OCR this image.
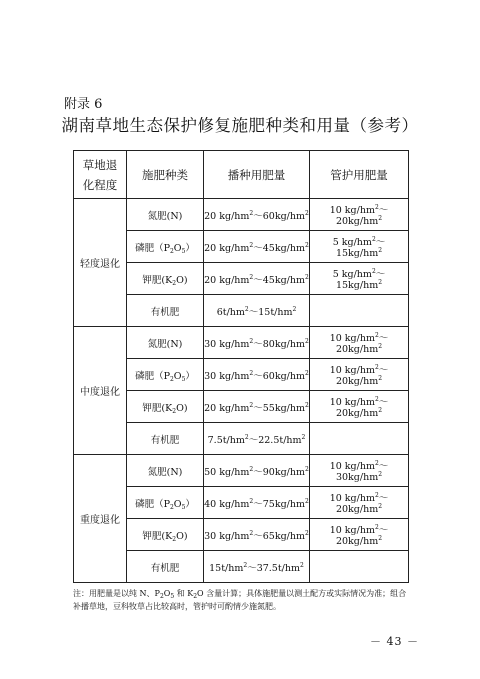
附录 6
湖南草地生态保护修复施肥种类和用量（参考）
草地退
化程度	施肥种类	播种用肥量	管护用肥量
轻度退化	氮肥(N)	20 $kg/hm^2\sim 60kg/hm^2$	10 $kg/hm^2\sim 20kg/hm^2$
	磷肥$(P_2O_5)$	20 $kg/hm^2\sim 45kg/hm^2$	5 $kg/hm^2\sim 15kg/hm^2$
	钾肥$(K_2O)$	20 $kg/hm^2\sim 45kg/hm^2$	5 $kg/hm^2\sim 15kg/hm^2$
	有机肥	$6t/hm^2\sim 15t/hm^2$	
中度退化	氮肥(N)	30 $kg/hm^2\sim 80kg/hm^2$	10 $kg/hm^2\sim 20kg/hm^2$
	磷肥$(P_2O_5)$	30 $kg/hm^2\sim 60kg/hm^2$	10 $kg/hm^2\sim 20kg/hm^2$
	钾肥$(K_2O)$	20 $kg/hm^2\sim 55kg/hm^2$	10 $kg/hm^2\sim 20kg/hm^2$
	有机肥	$7.5t/hm^2\sim 22.5t/hm^2$	
重度退化	氮肥(N)	50 $kg/hm^2\sim 90kg/hm^2$	10 $kg/hm^2\sim 30kg/hm^2$
	磷肥$(P_2O_5)$	40 $kg/hm^2\sim 75kg/hm^2$	10 $kg/hm^2\sim 20kg/hm^2$
	钾肥$(K_2O)$	30 $kg/hm^2\sim 65kg/hm^2$	10 $kg/hm^2\sim 20kg/hm^2$
	有机肥	$15t/hm^2\sim 37.5t/hm^2$	
注：用肥量是以纯 N、$P_2O_5$ 和 $K_2O$ 含量计算；具体施肥量以测土配方或实际情况为准；组合补播草地，豆科牧草占比较高时，管护时可酌情少施氮肥。
－ 43 －
